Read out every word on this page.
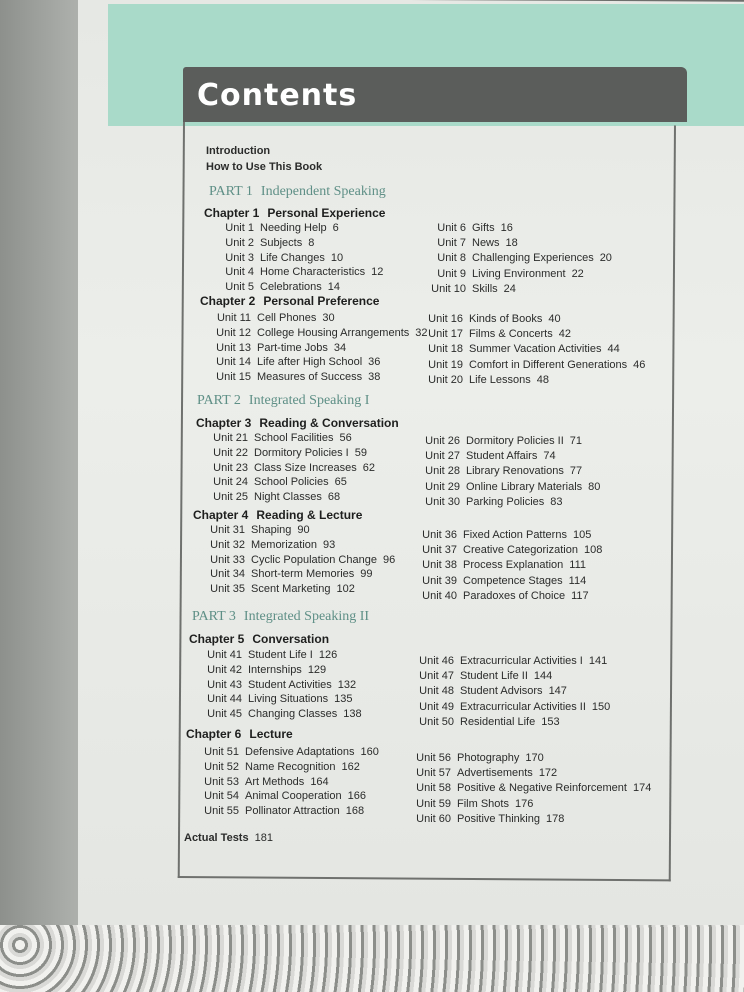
Contents
Introduction
How to Use This Book
PART 1 Independent Speaking
PART 2 Integrated Speaking I
PART 3 Integrated Speaking II
Chapter 1 Personal Experience
Chapter 2 Personal Preference
Chapter 3 Reading & Conversation
Chapter 4 Reading & Lecture
Chapter 5 Conversation
Chapter 6 Lecture
Unit 1 Needing Help 6
Unit 2 Subjects 8
Unit 3 Life Changes 10
Unit 4 Home Characteristics 12
Unit 5 Celebrations 14
Unit 6 Gifts 16
Unit 7 News 18
Unit 8 Challenging Experiences 20
Unit 9 Living Environment 22
Unit 10 Skills 24
Unit 11 Cell Phones 30
Unit 12 College Housing Arrangements 32
Unit 13 Part-time Jobs 34
Unit 14 Life after High School 36
Unit 15 Measures of Success 38
Unit 16 Kinds of Books 40
Unit 17 Films & Concerts 42
Unit 18 Summer Vacation Activities 44
Unit 19 Comfort in Different Generations 46
Unit 20 Life Lessons 48
Unit 21 School Facilities 56
Unit 22 Dormitory Policies I 59
Unit 23 Class Size Increases 62
Unit 24 School Policies 65
Unit 25 Night Classes 68
Unit 26 Dormitory Policies II 71
Unit 27 Student Affairs 74
Unit 28 Library Renovations 77
Unit 29 Online Library Materials 80
Unit 30 Parking Policies 83
Unit 31 Shaping 90
Unit 32 Memorization 93
Unit 33 Cyclic Population Change 96
Unit 34 Short-term Memories 99
Unit 35 Scent Marketing 102
Unit 36 Fixed Action Patterns 105
Unit 37 Creative Categorization 108
Unit 38 Process Explanation 111
Unit 39 Competence Stages 114
Unit 40 Paradoxes of Choice 117
Unit 41 Student Life I 126
Unit 42 Internships 129
Unit 43 Student Activities 132
Unit 44 Living Situations 135
Unit 45 Changing Classes 138
Unit 46 Extracurricular Activities I 141
Unit 47 Student Life II 144
Unit 48 Student Advisors 147
Unit 49 Extracurricular Activities II 150
Unit 50 Residential Life 153
Unit 51 Defensive Adaptations 160
Unit 52 Name Recognition 162
Unit 53 Art Methods 164
Unit 54 Animal Cooperation 166
Unit 55 Pollinator Attraction 168
Unit 56 Photography 170
Unit 57 Advertisements 172
Unit 58 Positive & Negative Reinforcement 174
Unit 59 Film Shots 176
Unit 60 Positive Thinking 178
Actual Tests 181
